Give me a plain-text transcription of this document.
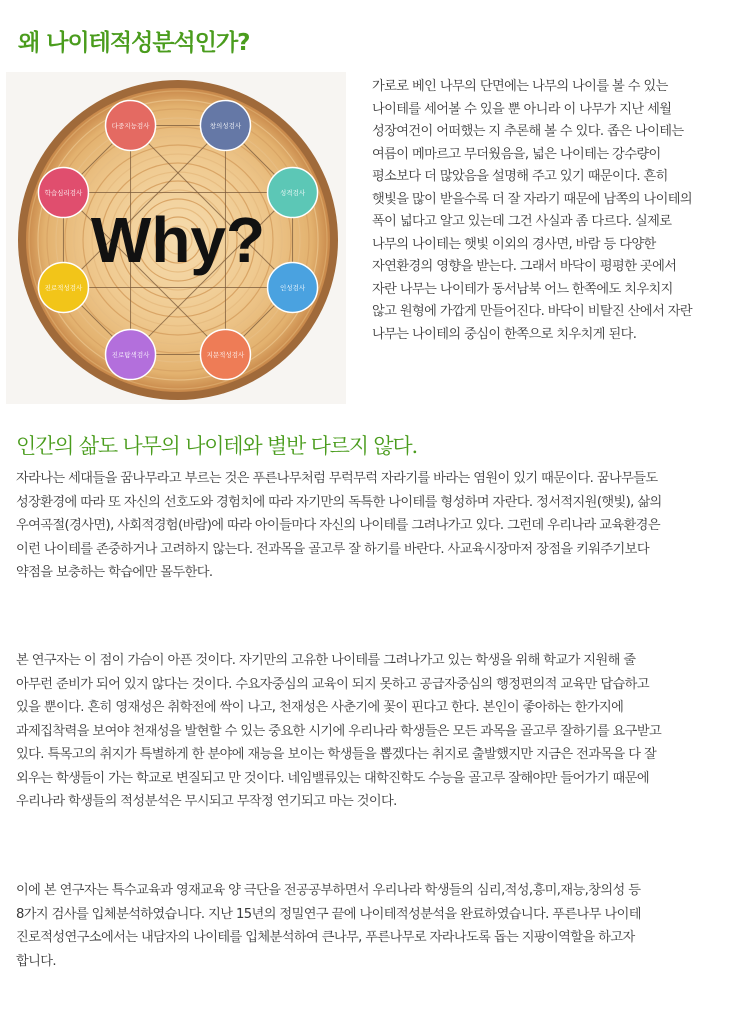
왜 나이테적성분석인가?
다중지능검사	창의성검사
성격검사
인성검사
지문적성검사
진로탐색검사
진로적성검사
학습심리검사
Why?

가로로 베인 나무의 단면에는 나무의 나이를 볼 수 있는

나이테를 세어볼 수 있을 뿐 아니라 이 나무가 지난 세월

성장여건이 어떠했는 지 추론해 볼 수 있다. 좁은 나이테는

여름이 메마르고 무더웠음을, 넓은 나이테는 강수량이

평소보다 더 많았음을 설명해 주고 있기 때문이다. 흔히

햇빛을 많이 받을수록 더 잘 자라기 때문에 남쪽의 나이테의

폭이 넓다고 알고 있는데 그건 사실과 좀 다르다. 실제로

나무의 나이테는 햇빛 이외의 경사면, 바람 등 다양한

자연환경의 영향을 받는다. 그래서 바닥이 평평한 곳에서

자란 나무는 나이테가 동서남북 어느 한쪽에도 치우치지

않고 원형에 가깝게 만들어진다. 바닥이 비탈진 산에서 자란

나무는 나이테의 중심이 한쪽으로 치우치게 된다.

인간의 삶도 나무의 나이테와 별반 다르지 않다.

자라나는 세대들을 꿈나무라고 부르는 것은 푸른나무처럼 무럭무럭 자라기를 바라는 염원이 있기 때문이다. 꿈나무들도

성장환경에 따라 또 자신의 선호도와 경험치에 따라 자기만의 독특한 나이테를 형성하며 자란다. 정서적지원(햇빛), 삶의

우여곡절(경사면), 사회적경험(바람)에 따라 아이들마다 자신의 나이테를 그려나가고 있다. 그런데 우리나라 교육환경은

이런 나이테를 존중하거나 고려하지 않는다. 전과목을 골고루 잘 하기를 바란다. 사교육시장마저 장점을 키워주기보다

약점을 보충하는 학습에만 몰두한다.

본 연구자는 이 점이 가슴이 아픈 것이다. 자기만의 고유한 나이테를 그려나가고 있는 학생을 위해 학교가 지원해 줄

아무런 준비가 되어 있지 않다는 것이다. 수요자중심의 교육이 되지 못하고 공급자중심의 행정편의적 교육만 답습하고

있을 뿐이다. 흔히 영재성은 취학전에 싹이 나고, 천재성은 사춘기에 꽃이 핀다고 한다. 본인이 좋아하는 한가지에

과제집착력을 보여야 천재성을 발현할 수 있는 중요한 시기에 우리나라 학생들은 모든 과목을 골고루 잘하기를 요구받고

있다. 특목고의 취지가 특별하게 한 분야에 재능을 보이는 학생들을 뽑겠다는 취지로 출발했지만 지금은 전과목을 다 잘

외우는 학생들이 가는 학교로 변질되고 만 것이다. 네임밸류있는 대학진학도 수능을 골고루 잘해야만 들어가기 때문에

우리나라 학생들의 적성분석은 무시되고 무작정 연기되고 마는 것이다.

이에 본 연구자는 특수교육과 영재교육 양 극단을 전공공부하면서 우리나라 학생들의 심리,적성,흥미,재능,창의성 등

8가지 검사를 입체분석하였습니다. 지난 15년의 정밀연구 끝에 나이테적성분석을 완료하였습니다. 푸른나무 나이테

진로적성연구소에서는 내담자의 나이테를 입체분석하여 큰나무, 푸른나무로 자라나도록 돕는 지팡이역할을 하고자

합니다.
